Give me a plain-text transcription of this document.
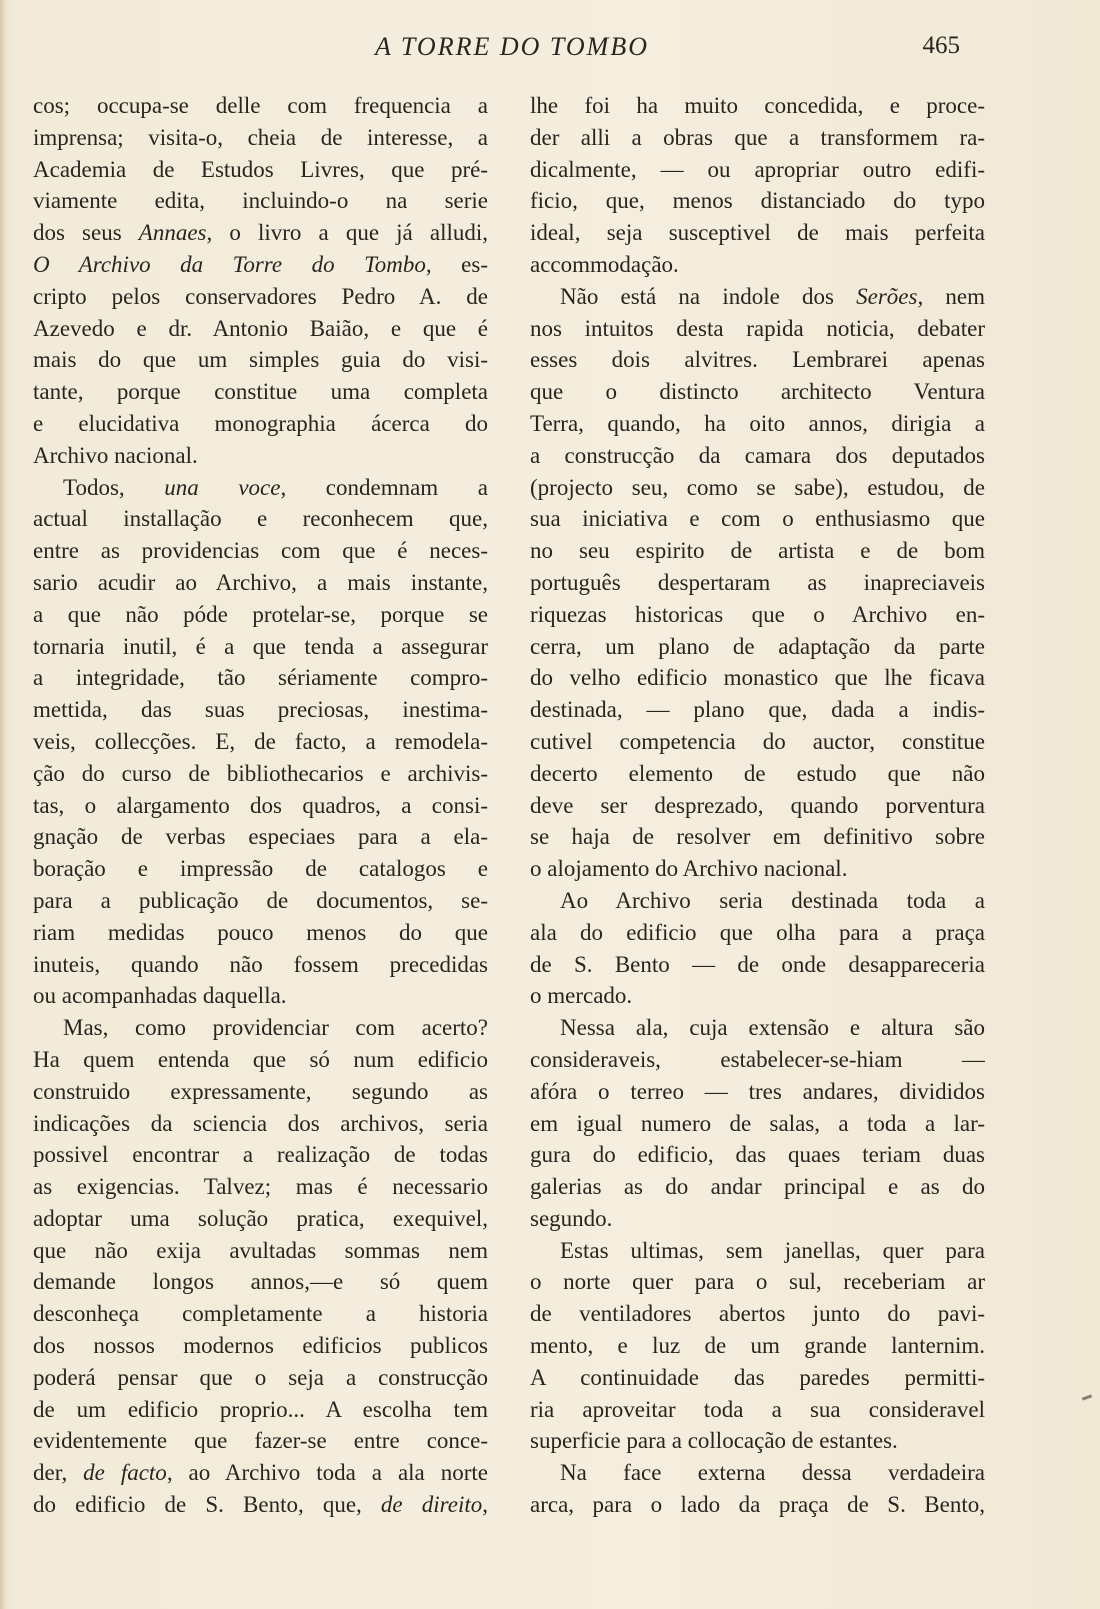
A TORRE DO TOMBO	465
cos; occupa-se delle com frequencia a
imprensa; visita-o, cheia de interesse, a
Academia de Estudos Livres, que pré-
viamente edita, incluindo-o na serie
dos seus Annaes, o livro a que já alludi,
O Archivo da Torre do Tombo, es-
cripto pelos conservadores Pedro A. de
Azevedo e dr. Antonio Baião, e que é
mais do que um simples guia do visi-
tante, porque constitue uma completa
e elucidativa monographia ácerca do
Archivo nacional.
Todos, una voce, condemnam a
actual installação e reconhecem que,
entre as providencias com que é neces-
sario acudir ao Archivo, a mais instante,
a que não póde protelar-se, porque se
tornaria inutil, é a que tenda a assegurar
a integridade, tão sériamente compro-
mettida, das suas preciosas, inestima-
veis, collecções. E, de facto, a remodela-
ção do curso de bibliothecarios e archivis-
tas, o alargamento dos quadros, a consi-
gnação de verbas especiaes para a ela-
boração e impressão de catalogos e
para a publicação de documentos, se-
riam medidas pouco menos do que
inuteis, quando não fossem precedidas
ou acompanhadas daquella.
Mas, como providenciar com acerto?
Ha quem entenda que só num edificio
construido expressamente, segundo as
indicações da sciencia dos archivos, seria
possivel encontrar a realização de todas
as exigencias. Talvez; mas é necessario
adoptar uma solução pratica, exequivel,
que não exija avultadas sommas nem
demande longos annos,—e só quem
desconheça completamente a historia
dos nossos modernos edificios publicos
poderá pensar que o seja a construcção
de um edificio proprio... A escolha tem
evidentemente que fazer-se entre conce-
der, de facto, ao Archivo toda a ala norte
do edificio de S. Bento, que, de direito,
lhe foi ha muito concedida, e proce-
der alli a obras que a transformem ra-
dicalmente, — ou apropriar outro edifi-
ficio, que, menos distanciado do typo
ideal, seja susceptivel de mais perfeita
accommodação.
Não está na indole dos Serões, nem
nos intuitos desta rapida noticia, debater
esses dois alvitres. Lembrarei apenas
que o distincto architecto Ventura
Terra, quando, ha oito annos, dirigia a
a construcção da camara dos deputados
(projecto seu, como se sabe), estudou, de
sua iniciativa e com o enthusiasmo que
no seu espirito de artista e de bom
português despertaram as inapreciaveis
riquezas historicas que o Archivo en-
cerra, um plano de adaptação da parte
do velho edificio monastico que lhe ficava
destinada, — plano que, dada a indis-
cutivel competencia do auctor, constitue
decerto elemento de estudo que não
deve ser desprezado, quando porventura
se haja de resolver em definitivo sobre
o alojamento do Archivo nacional.
Ao Archivo seria destinada toda a
ala do edificio que olha para a praça
de S. Bento — de onde desappareceria
o mercado.
Nessa ala, cuja extensão e altura são
consideraveis, estabelecer-se-hiam —
afóra o terreo — tres andares, divididos
em igual numero de salas, a toda a lar-
gura do edificio, das quaes teriam duas
galerias as do andar principal e as do
segundo.
Estas ultimas, sem janellas, quer para
o norte quer para o sul, receberiam ar
de ventiladores abertos junto do pavi-
mento, e luz de um grande lanternim.
A continuidade das paredes permitti-
ria aproveitar toda a sua consideravel
superficie para a collocação de estantes.
Na face externa dessa verdadeira
arca, para o lado da praça de S. Bento,
